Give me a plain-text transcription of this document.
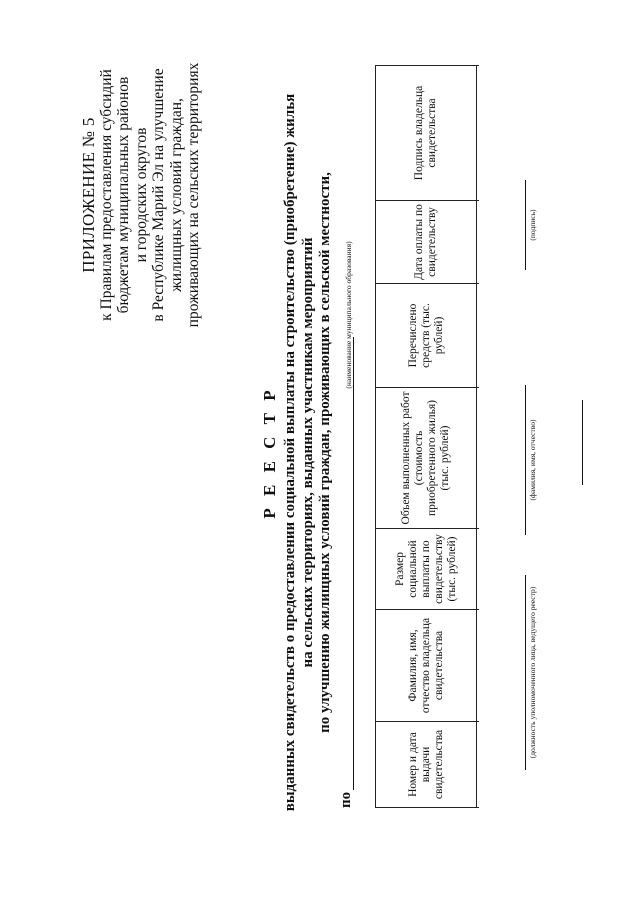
ПРИЛОЖЕНИЕ № 5 к Правилам предоставления субсидий бюджетам муниципальных районов и городских округов в Республике Марий Эл на улучшение жилищных условий граждан, проживающих на сельских территориях
Р Е Е С Т Р выданных свидетельств о предоставлении социальной выплаты на строительство (приобретение) жилья на сельских территориях, выданных участникам мероприятий по улучшению жилищных условий граждан, проживающих в сельской местности,
по
(наименование муниципального образования)
Номер и дата выдачи свидетельства	Фамилия, имя, отчество владельца свидетельства	Размер социальной выплаты по свидетельству (тыс. рублей)	Объем выполненных работ (стоимость приобретенного жилья) (тыс. рублей)	Перечислено средств (тыс. рублей)	Дата оплаты по свидетельству	Подпись владельца свидетельства

(должность уполномоченного лица, ведущего реестр)
(фамилия, имя, отчество)
(подпись)
